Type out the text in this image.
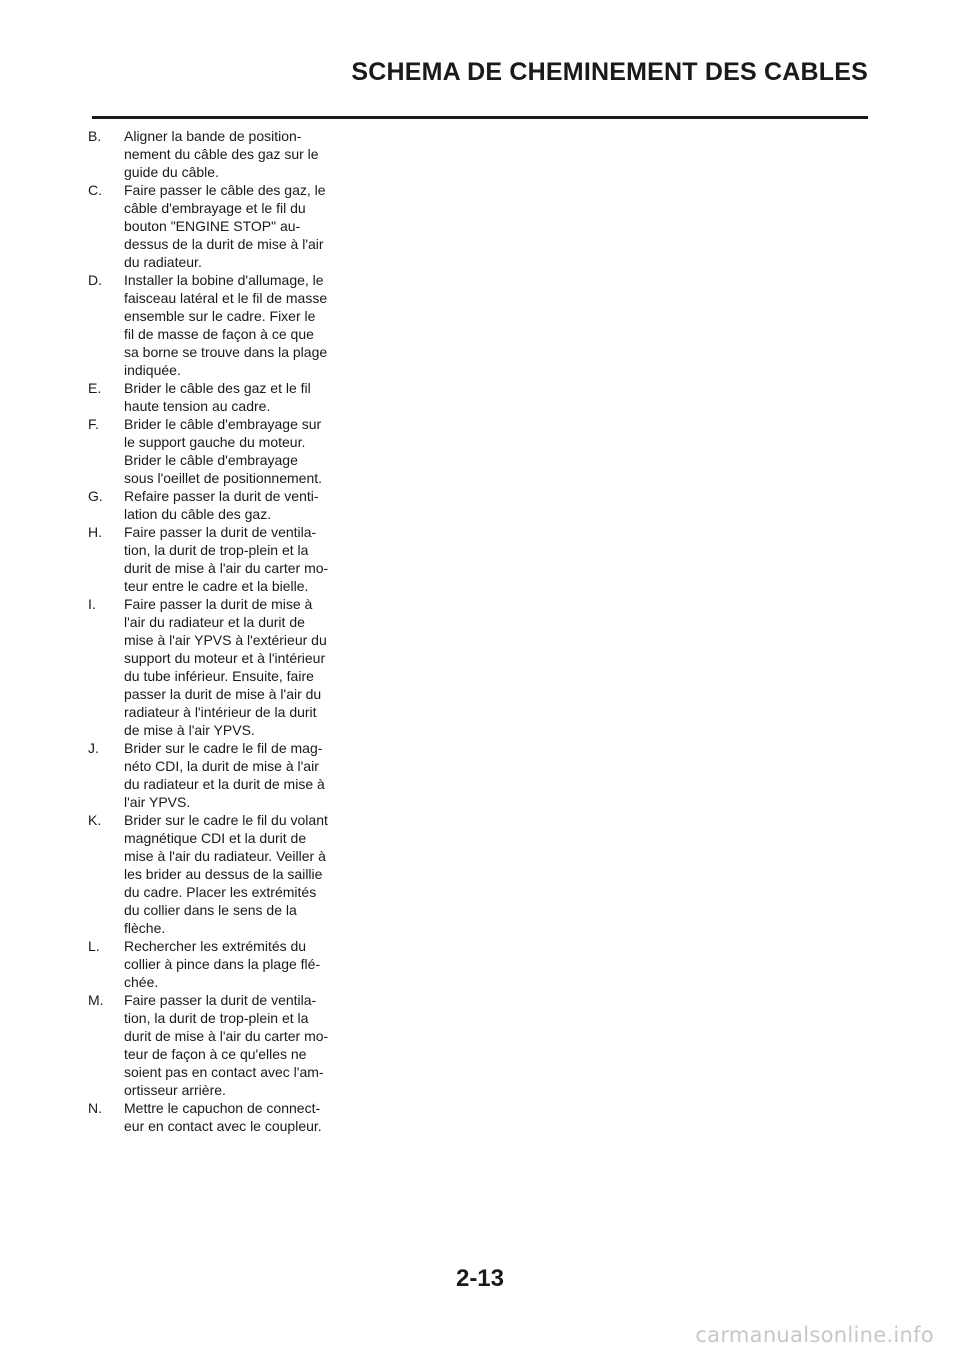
SCHEMA DE CHEMINEMENT DES CABLES
B.	Aligner la bande de position-
nement du câble des gaz sur le
guide du câble.
C.	Faire passer le câble des gaz, le
câble d'embrayage et le fil du
bouton "ENGINE STOP" au-
dessus de la durit de mise à l'air
du radiateur.
D.	Installer la bobine d'allumage, le
faisceau latéral et le fil de masse
ensemble sur le cadre. Fixer le
fil de masse de façon à ce que
sa borne se trouve dans la plage
indiquée.
E.	Brider le câble des gaz et le fil
haute tension au cadre.
F.	Brider le câble d'embrayage sur
le support gauche du moteur.
Brider le câble d'embrayage
sous l'oeillet de positionnement.
G.	Refaire passer la durit de venti-
lation du câble des gaz.
H.	Faire passer la durit de ventila-
tion, la durit de trop-plein et la
durit de mise à l'air du carter mo-
teur entre le cadre et la bielle.
I.	Faire passer la durit de mise à
l'air du radiateur et la durit de
mise à l'air YPVS à l'extérieur du
support du moteur et à l'intérieur
du tube inférieur. Ensuite, faire
passer la durit de mise à l'air du
radiateur à l'intérieur de la durit
de mise à l'air YPVS.
J.	Brider sur le cadre le fil de mag-
néto CDI, la durit de mise à l'air
du radiateur et la durit de mise à
l'air YPVS.
K.	Brider sur le cadre le fil du volant
magnétique CDI et la durit de
mise à l'air du radiateur. Veiller à
les brider au dessus de la saillie
du cadre. Placer les extrémités
du collier dans le sens de la
flèche.
L.	Rechercher les extrémités du
collier à pince dans la plage flé-
chée.
M.	Faire passer la durit de ventila-
tion, la durit de trop-plein et la
durit de mise à l'air du carter mo-
teur de façon à ce qu'elles ne
soient pas en contact avec l'am-
ortisseur arrière.
N.	Mettre le capuchon de connect-
eur en contact avec le coupleur.
2-13
carmanualsonline.info
